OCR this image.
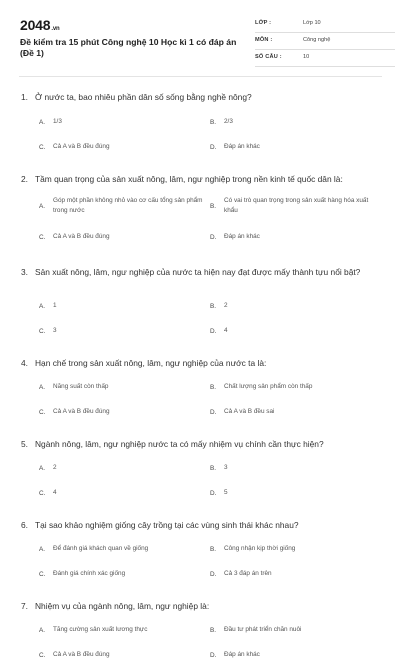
2048.vn
Đề kiểm tra 15 phút Công nghệ 10 Học kì 1 có đáp án (Đề 1)
LỚP :	Lớp 10
MÔN :	Công nghệ
SỐ CÂU :	10
1. Ở nước ta, bao nhiêu phần dân số sống bằng nghề nông?
A.	1/3	B.	2/3
C.	Cả A và B đều đúng	D.	Đáp án khác
2. Tầm quan trọng của sản xuất nông, lâm, ngư nghiệp trong nền kinh tế quốc dân là:
A.
Góp một phần không nhỏ vào cơ cấu tổng sản phẩm trong nước
B.
Có vai trò quan trọng trong sản xuất hàng hóa xuất khẩu
C.	Cả A và B đều đúng	D.	Đáp án khác
3. Sản xuất nông, lâm, ngư nghiệp của nước ta hiện nay đạt được mấy thành tựu nổi bật?
A.	1	B.	2
C.	3	D.	4
4. Hạn chế trong sản xuất nông, lâm, ngư nghiệp của nước ta là:
A.	Năng suất còn thấp	B.	Chất lượng sản phẩm còn thấp
C.	Cả A và B đều đúng	D.	Cả A và B đều sai
5. Ngành nông, lâm, ngư nghiệp nước ta có mấy nhiệm vụ chính cần thực hiện?
A.	2	B.	3
C.	4	D.	5
6. Tại sao khảo nghiệm giống cây trồng tại các vùng sinh thái khác nhau?
A.	Để đánh giá khách quan về giống	B.	Công nhận kịp thời giống
C.	Đánh giá chính xác giống	D.	Cả 3 đáp án trên
7. Nhiệm vụ của ngành nông, lâm, ngư nghiệp là:
A.	Tăng cường sản xuất lương thực	B.	Đầu tư phát triển chăn nuôi
C.	Cả A và B đều đúng	D.	Đáp án khác
